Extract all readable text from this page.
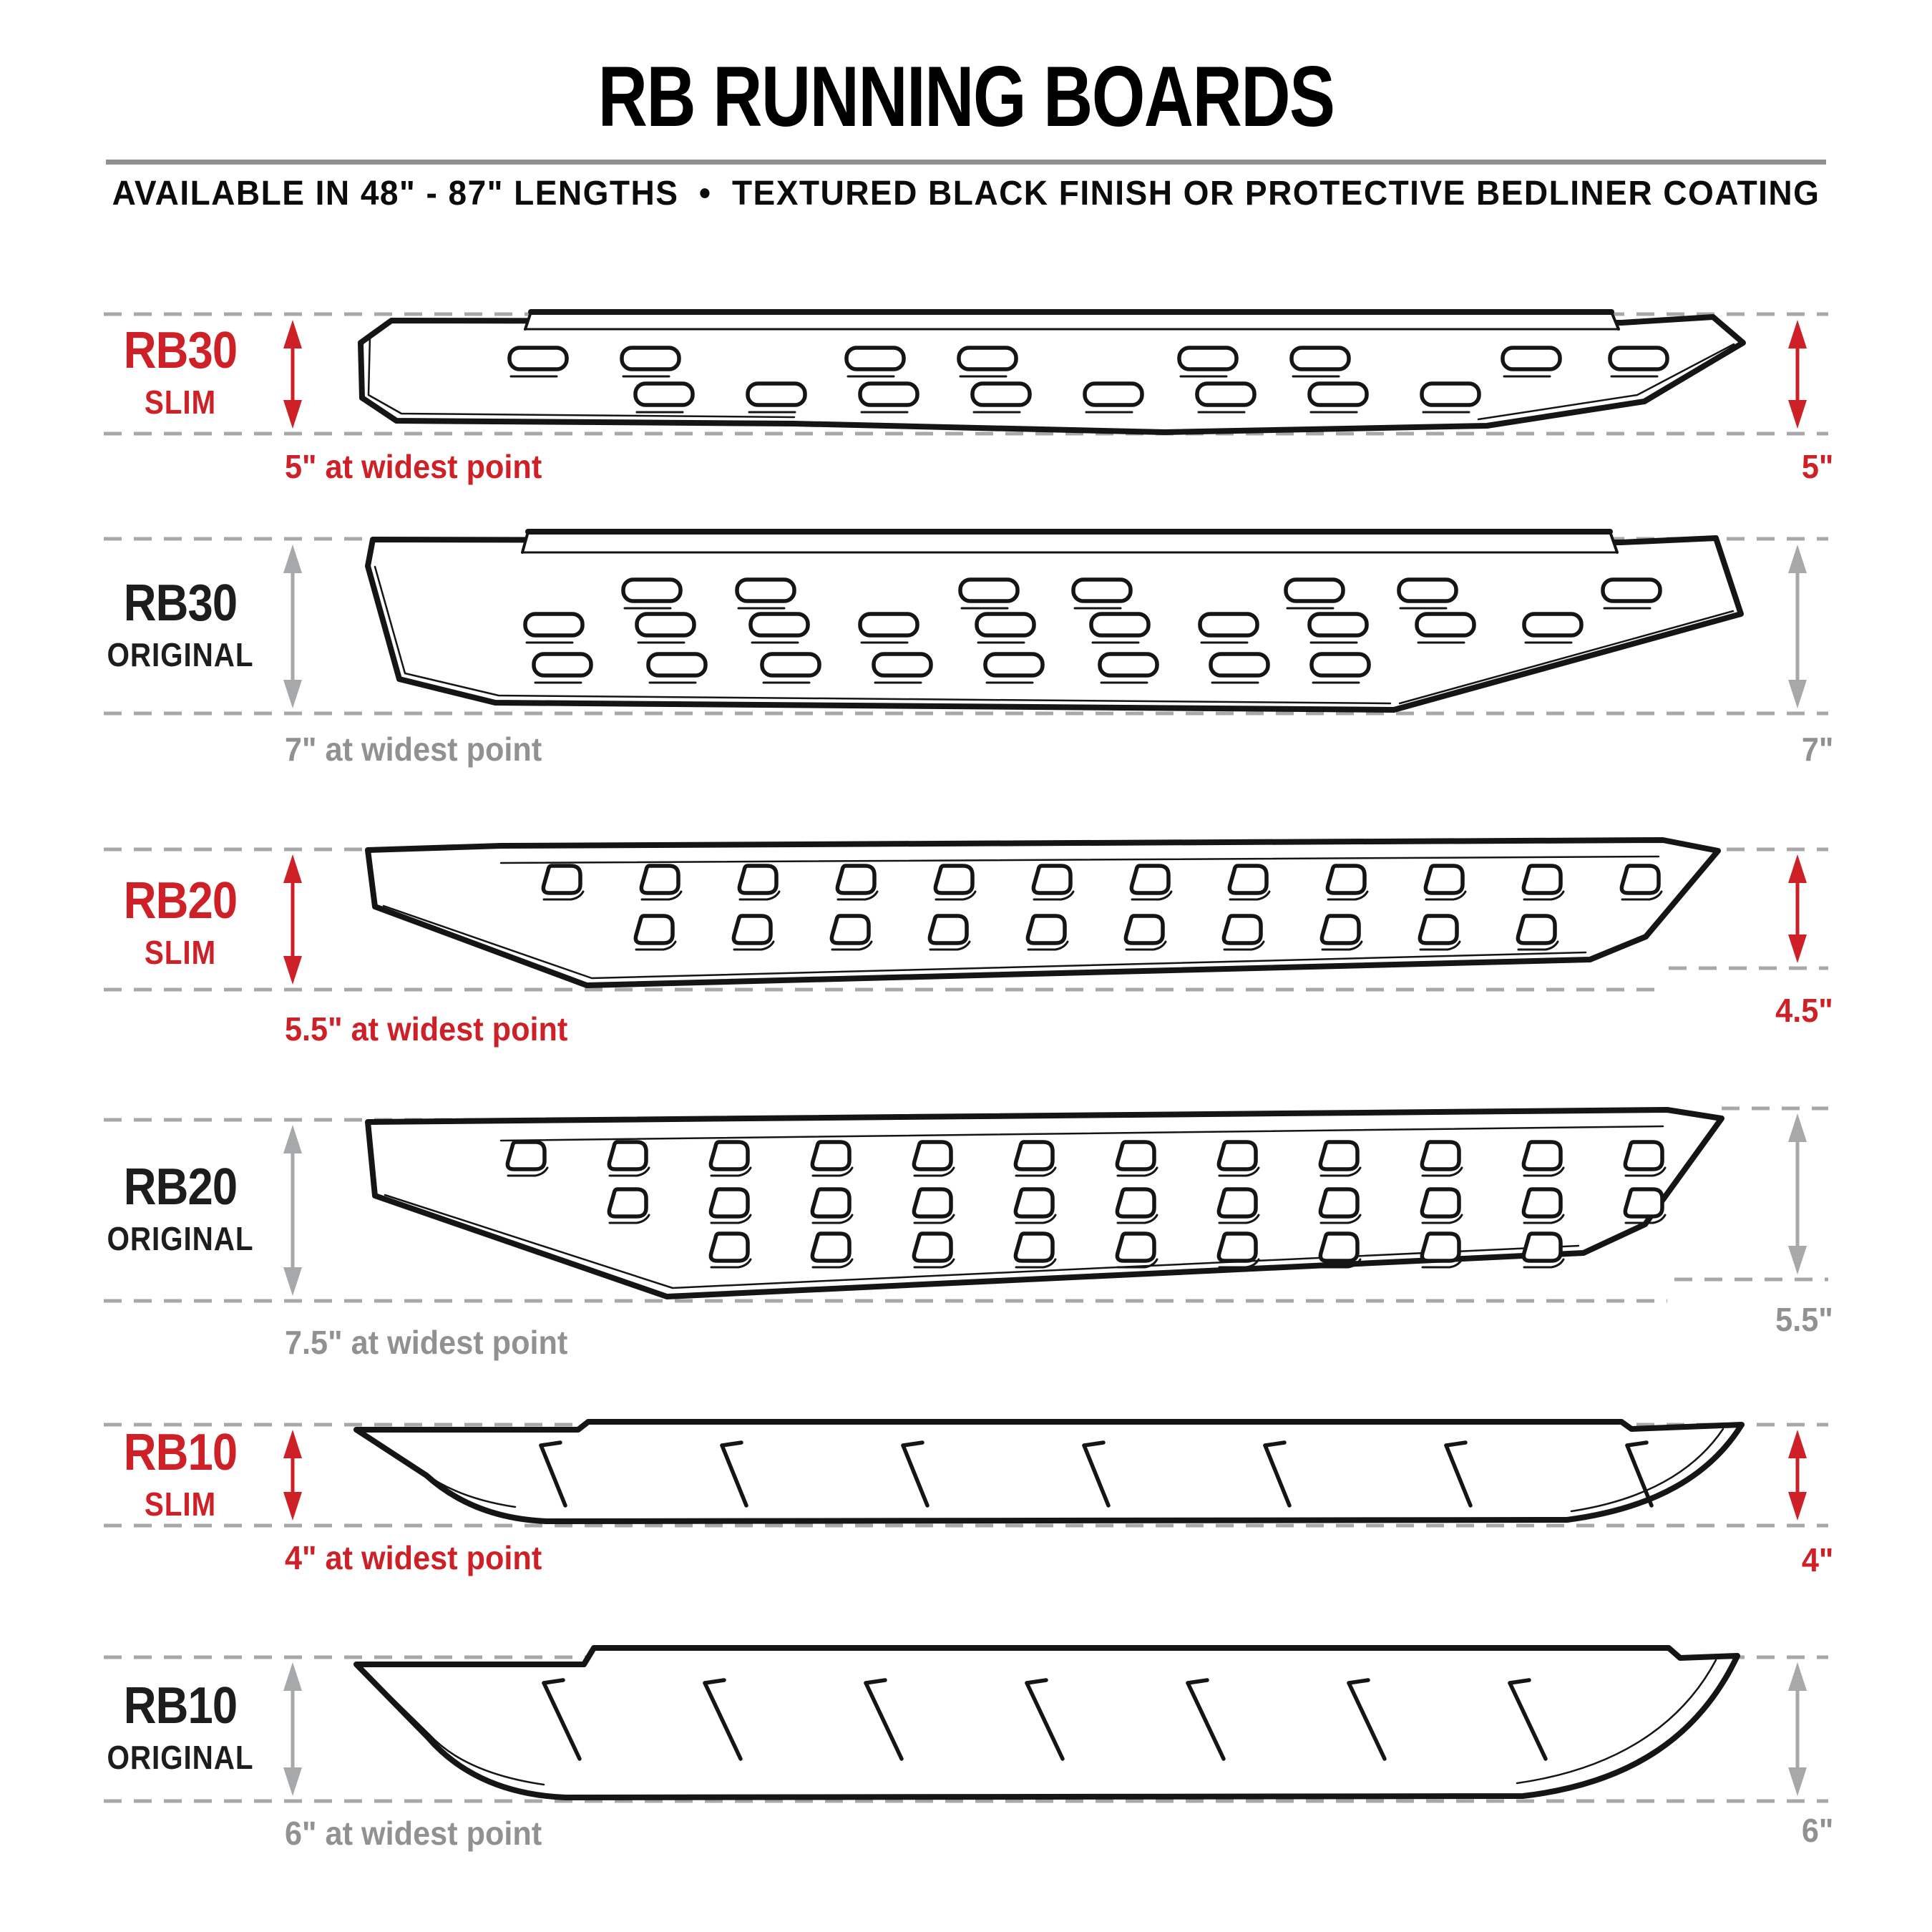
RB RUNNING BOARDS
AVAILABLE IN 48" - 87" LENGTHS  •  TEXTURED BLACK FINISH OR PROTECTIVE BEDLINER COATING
RB30
SLIM
RB30
ORIGINAL
RB20
SLIM
RB20
ORIGINAL
RB10
SLIM
RB10
ORIGINAL
5" at widest point	5"
7" at widest point	7"
5.5" at widest point	4.5"
7.5" at widest point
5.5"
4" at widest point	4"
6" at widest point	6"
